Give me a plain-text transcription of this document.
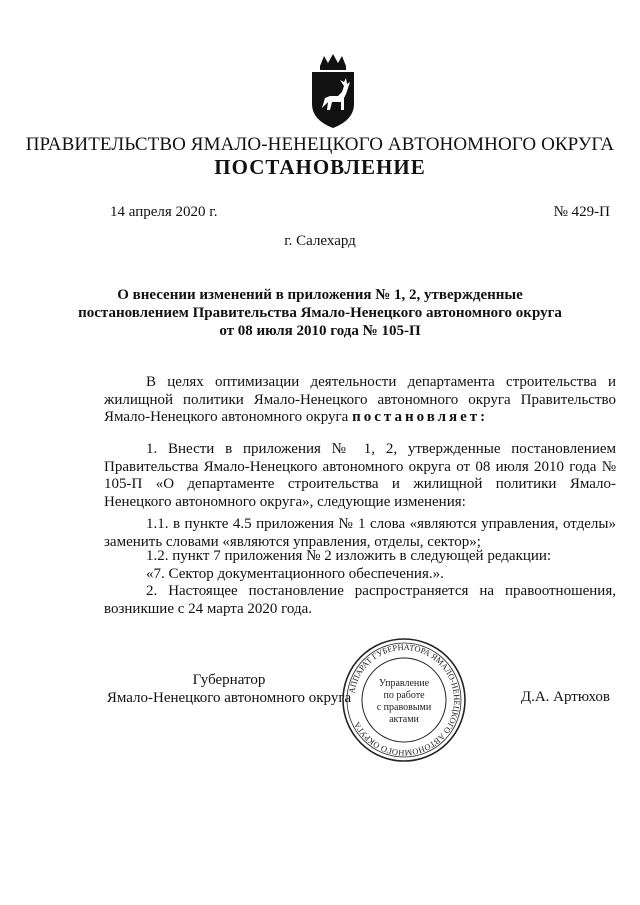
ПРАВИТЕЛЬСТВО ЯМАЛО-НЕНЕЦКОГО АВТОНОМНОГО ОКРУГА
ПОСТАНОВЛЕНИЕ
14 апреля 2020 г.	№ 429-П
г. Салехард
О внесении изменений в приложения № 1, 2, утвержденные
постановлением Правительства Ямало-Ненецкого автономного округа
от 08 июля 2010 года № 105-П
В целях оптимизации деятельности департамента строительства и жилищной политики Ямало-Ненецкого автономного округа Правительство Ямало-Ненецкого автономного округа постановляет:
1. Внести в приложения № 1, 2, утвержденные постановлением Правительства Ямало-Ненецкого автономного округа от 08 июля 2010 года № 105-П «О департаменте строительства и жилищной политики Ямало-Ненецкого автономного округа», следующие изменения:
1.1. в пункте 4.5 приложения № 1 слова «являются управления, отделы» заменить словами «являются управления, отделы, сектор»;
1.2. пункт 7 приложения № 2 изложить в следующей редакции:
«7. Сектор документационного обеспечения.».
2. Настоящее постановление распространяется на правоотношения, возникшие с 24 марта 2020 года.
Губернатор
Ямало-Ненецкого автономного округа	Д.А. Артюхов
АППАРАТ ГУБЕРНАТОРА ЯМАЛО-НЕНЕЦКОГО АВТОНОМНОГО ОКРУГА
Управление
по работе
с правовыми
актами
